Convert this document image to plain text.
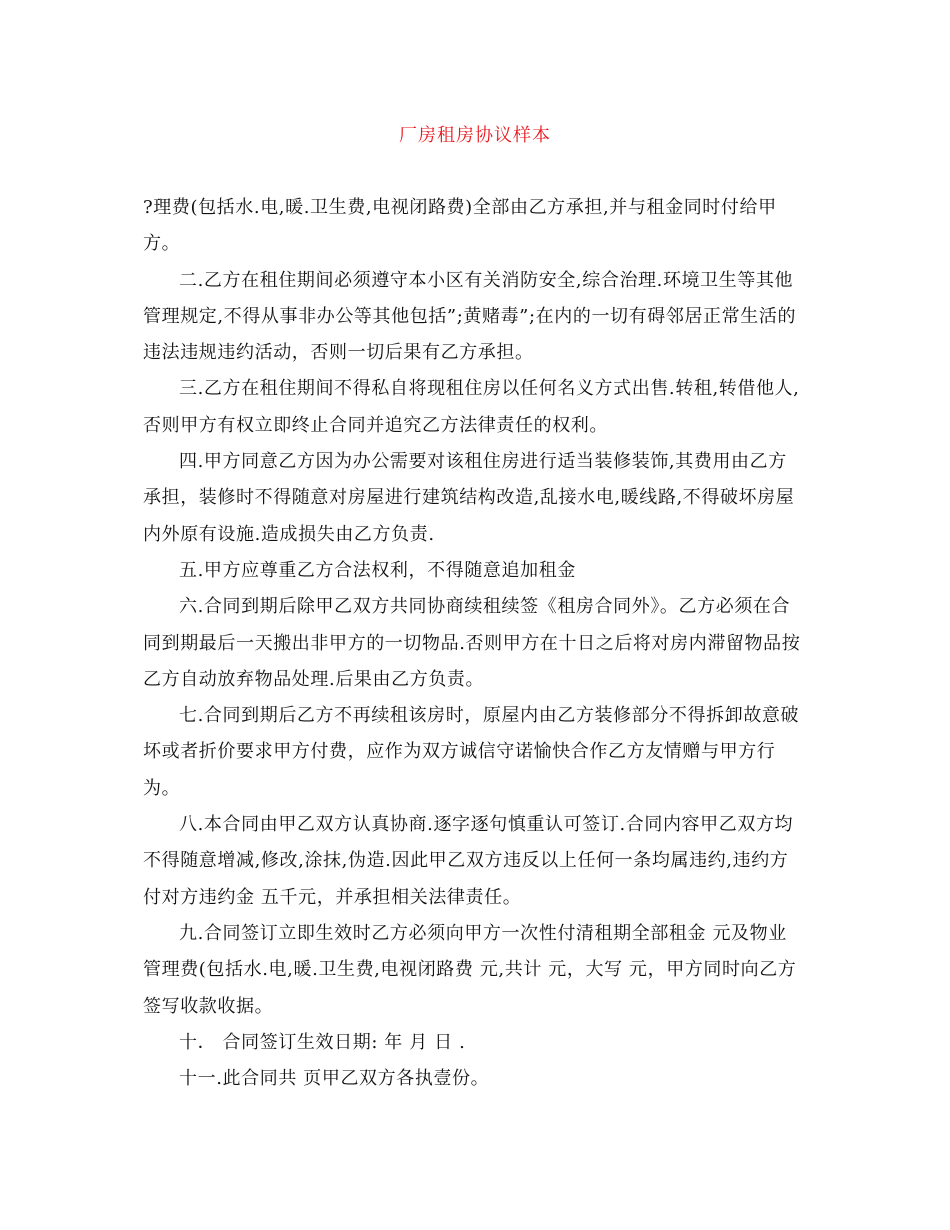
厂房租房协议样本

?理费(包括水.电,暖.卫生费,电视闭路费)全部由乙方承担,并与租金同时付给甲方。

二.乙方在租住期间必须遵守本小区有关消防安全,综合治理.环境卫生等其他管理规定,不得从事非办公等其他包括”;黄赌毒”;在内的一切有碍邻居正常生活的违法违规违约活动，否则一切后果有乙方承担。

三.乙方在租住期间不得私自将现租住房以任何名义方式出售.转租,转借他人,否则甲方有权立即终止合同并追究乙方法律责任的权利。

四.甲方同意乙方因为办公需要对该租住房进行适当装修装饰,其费用由乙方承担，装修时不得随意对房屋进行建筑结构改造,乱接水电,暖线路,不得破坏房屋内外原有设施.造成损失由乙方负责.

五.甲方应尊重乙方合法权利，不得随意追加租金

六.合同到期后除甲乙双方共同协商续租续签《租房合同外》。乙方必须在合同到期最后一天搬出非甲方的一切物品.否则甲方在十日之后将对房内滞留物品按乙方自动放弃物品处理.后果由乙方负责。

七.合同到期后乙方不再续租该房时，原屋内由乙方装修部分不得拆卸故意破坏或者折价要求甲方付费，应作为双方诚信守诺愉快合作乙方友情赠与甲方行为。

八.本合同由甲乙双方认真协商.逐字逐句慎重认可签订.合同内容甲乙双方均不得随意增减,修改,涂抹,伪造.因此甲乙双方违反以上任何一条均属违约,违约方付对方违约金 五千元，并承担相关法律责任。

九.合同签订立即生效时乙方必须向甲方一次性付清租期全部租金 元及物业管理费(包括水.电,暖.卫生费,电视闭路费 元,共计 元，大写 元，甲方同时向乙方签写收款收据。

十． 合同签订生效日期: 年 月 日 .

十一.此合同共 页甲乙双方各执壹份。
